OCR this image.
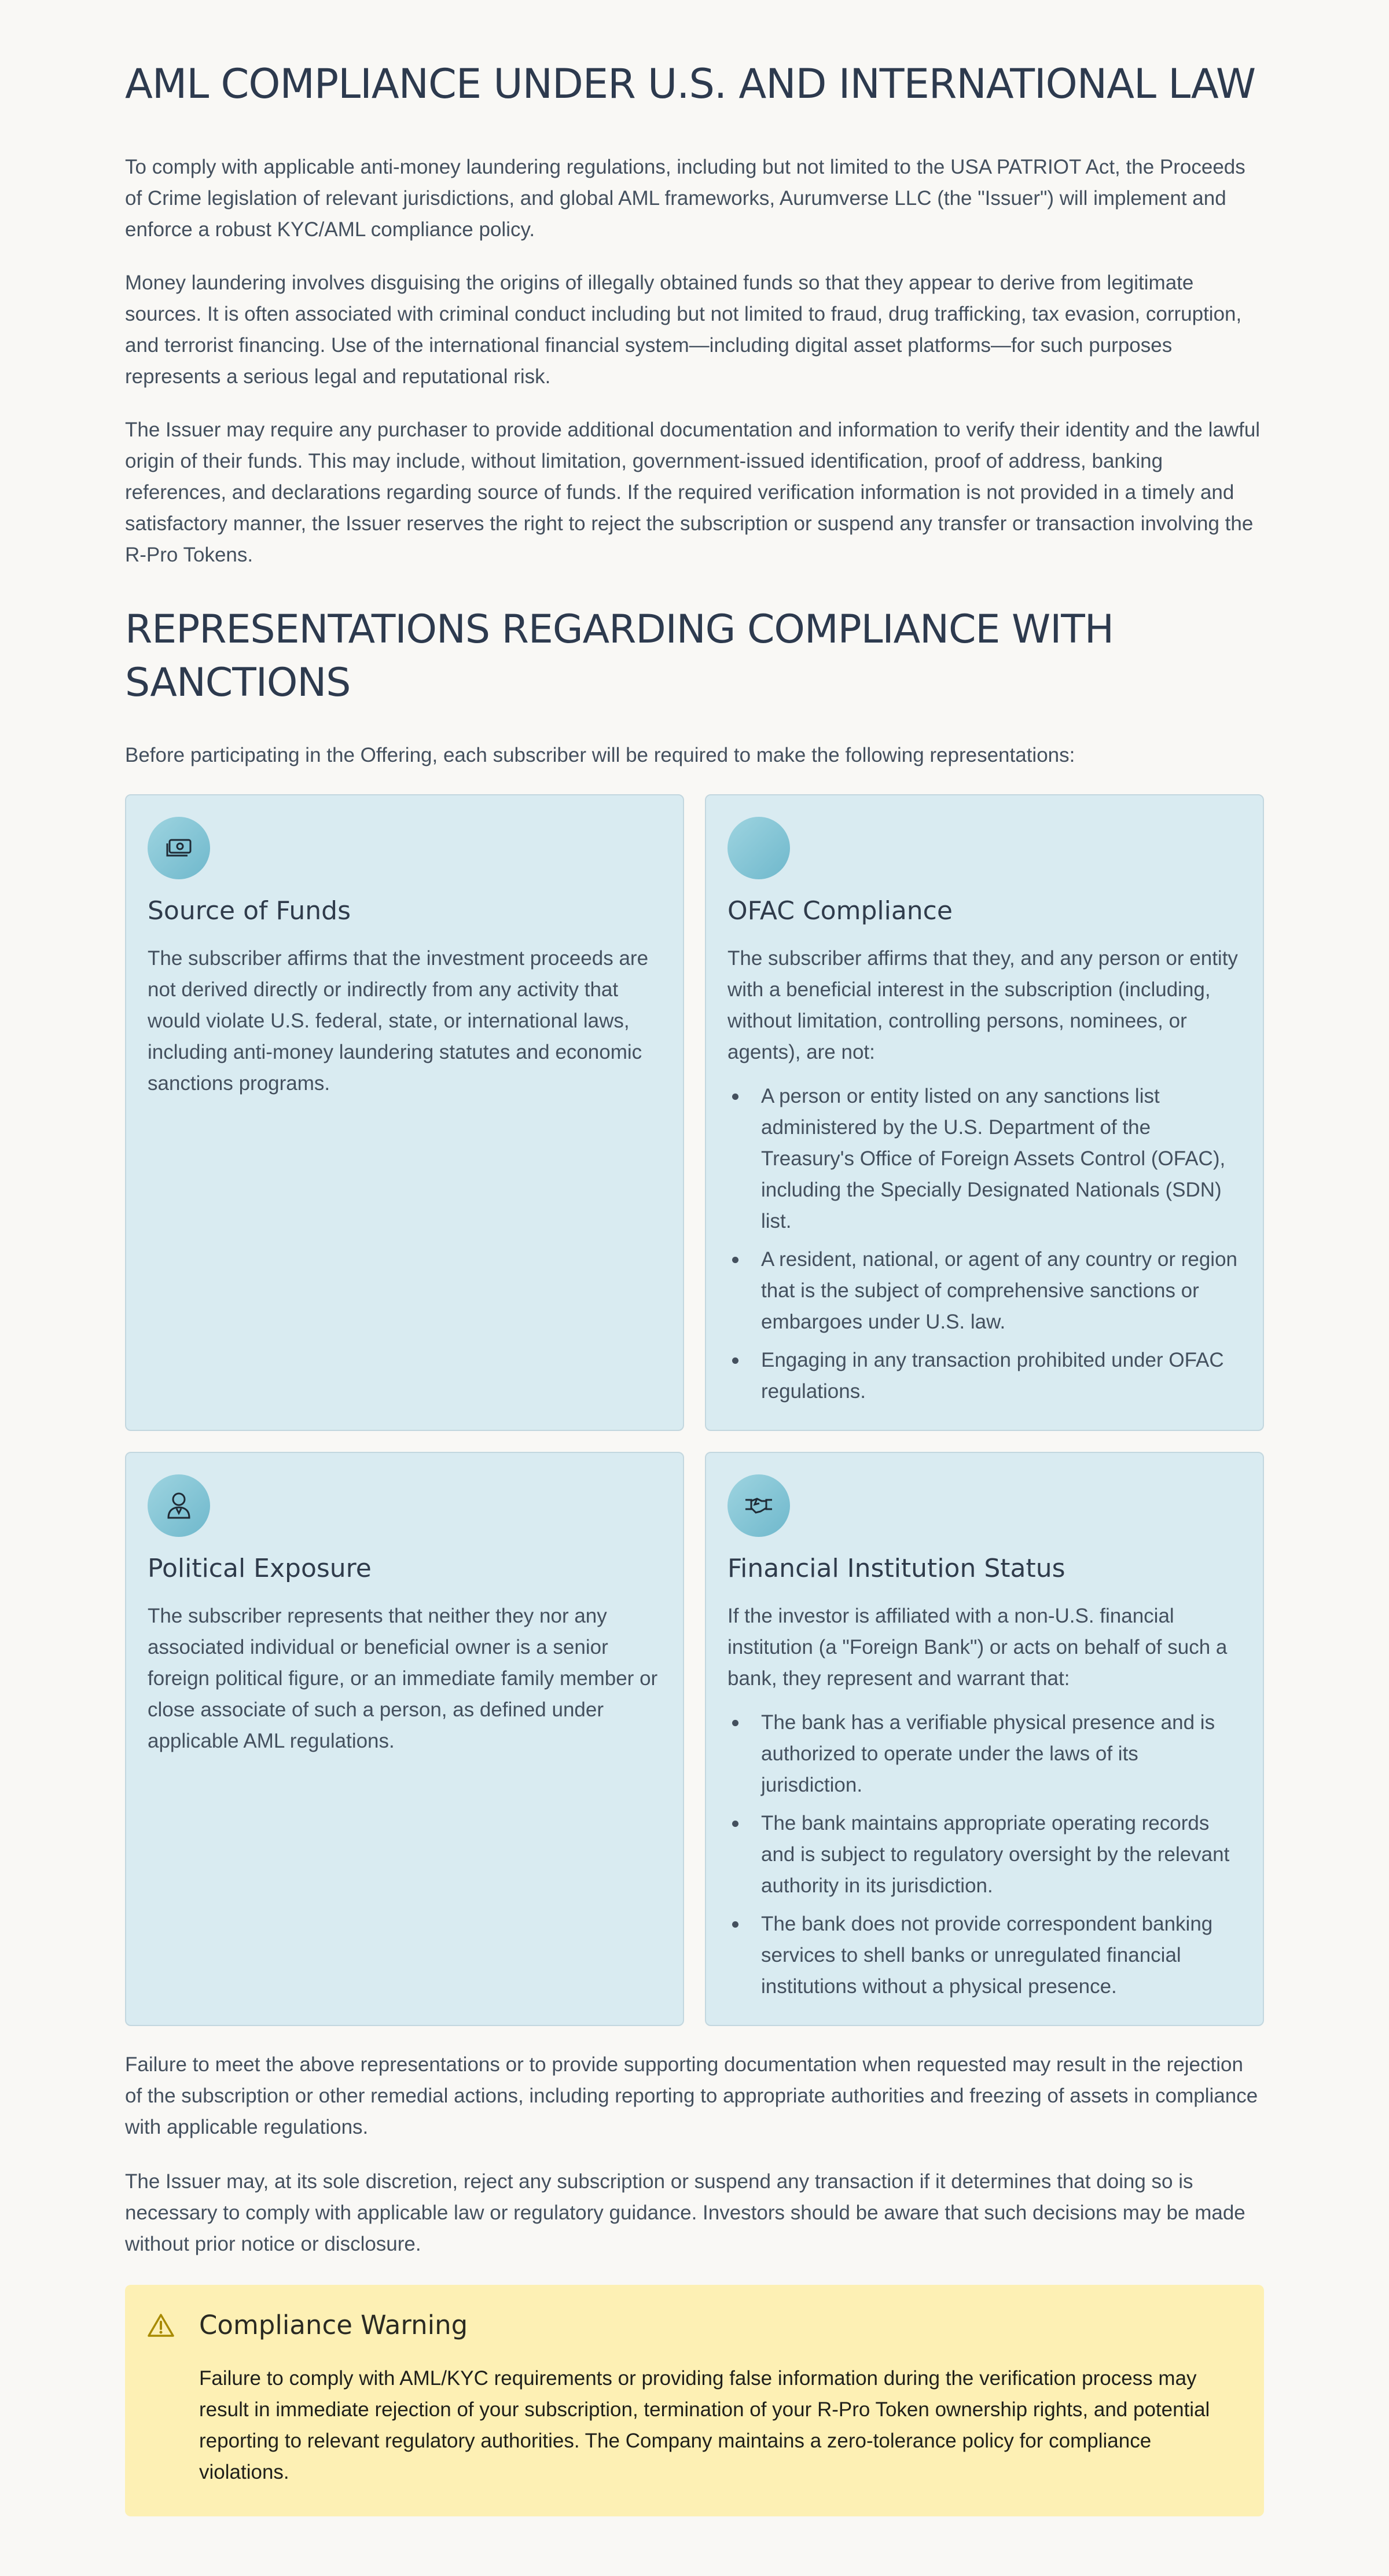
AML COMPLIANCE UNDER U.S. AND INTERNATIONAL LAW

To comply with applicable anti-money laundering regulations, including but not limited to the USA PATRIOT Act, the Proceeds of Crime legislation of relevant jurisdictions, and global AML frameworks, Aurumverse LLC (the "Issuer") will implement and enforce a robust KYC/AML compliance policy.

Money laundering involves disguising the origins of illegally obtained funds so that they appear to derive from legitimate sources. It is often associated with criminal conduct including but not limited to fraud, drug trafficking, tax evasion, corruption, and terrorist financing. Use of the international financial system—including digital asset platforms—for such purposes represents a serious legal and reputational risk.

The Issuer may require any purchaser to provide additional documentation and information to verify their identity and the lawful origin of their funds. This may include, without limitation, government-issued identification, proof of address, banking references, and declarations regarding source of funds. If the required verification information is not provided in a timely and satisfactory manner, the Issuer reserves the right to reject the subscription or suspend any transfer or transaction involving the R-Pro Tokens.

REPRESENTATIONS REGARDING COMPLIANCE WITH SANCTIONS

Before participating in the Offering, each subscriber will be required to make the following representations:

Source of Funds
The subscriber affirms that the investment proceeds are not derived directly or indirectly from any activity that would violate U.S. federal, state, or international laws, including anti-money laundering statutes and economic sanctions programs.
OFAC Compliance
The subscriber affirms that they, and any person or entity with a beneficial interest in the subscription (including, without limitation, controlling persons, nominees, or agents), are not:
A person or entity listed on any sanctions list administered by the U.S. Department of the Treasury's Office of Foreign Assets Control (OFAC), including the Specially Designated Nationals (SDN) list.
A resident, national, or agent of any country or region that is the subject of comprehensive sanctions or embargoes under U.S. law.
Engaging in any transaction prohibited under OFAC regulations.
Political Exposure
The subscriber represents that neither they nor any associated individual or beneficial owner is a senior foreign political figure, or an immediate family member or close associate of such a person, as defined under applicable AML regulations.
Financial Institution Status
If the investor is affiliated with a non-U.S. financial institution (a "Foreign Bank") or acts on behalf of such a bank, they represent and warrant that:
The bank has a verifiable physical presence and is authorized to operate under the laws of its jurisdiction.
The bank maintains appropriate operating records and is subject to regulatory oversight by the relevant authority in its jurisdiction.
The bank does not provide correspondent banking services to shell banks or unregulated financial institutions without a physical presence.

Failure to meet the above representations or to provide supporting documentation when requested may result in the rejection of the subscription or other remedial actions, including reporting to appropriate authorities and freezing of assets in compliance with applicable regulations.

The Issuer may, at its sole discretion, reject any subscription or suspend any transaction if it determines that doing so is necessary to comply with applicable law or regulatory guidance. Investors should be aware that such decisions may be made without prior notice or disclosure.

Compliance Warning

Failure to comply with AML/KYC requirements or providing false information during the verification process may result in immediate rejection of your subscription, termination of your R-Pro Token ownership rights, and potential reporting to relevant regulatory authorities. The Company maintains a zero-tolerance policy for compliance violations.
